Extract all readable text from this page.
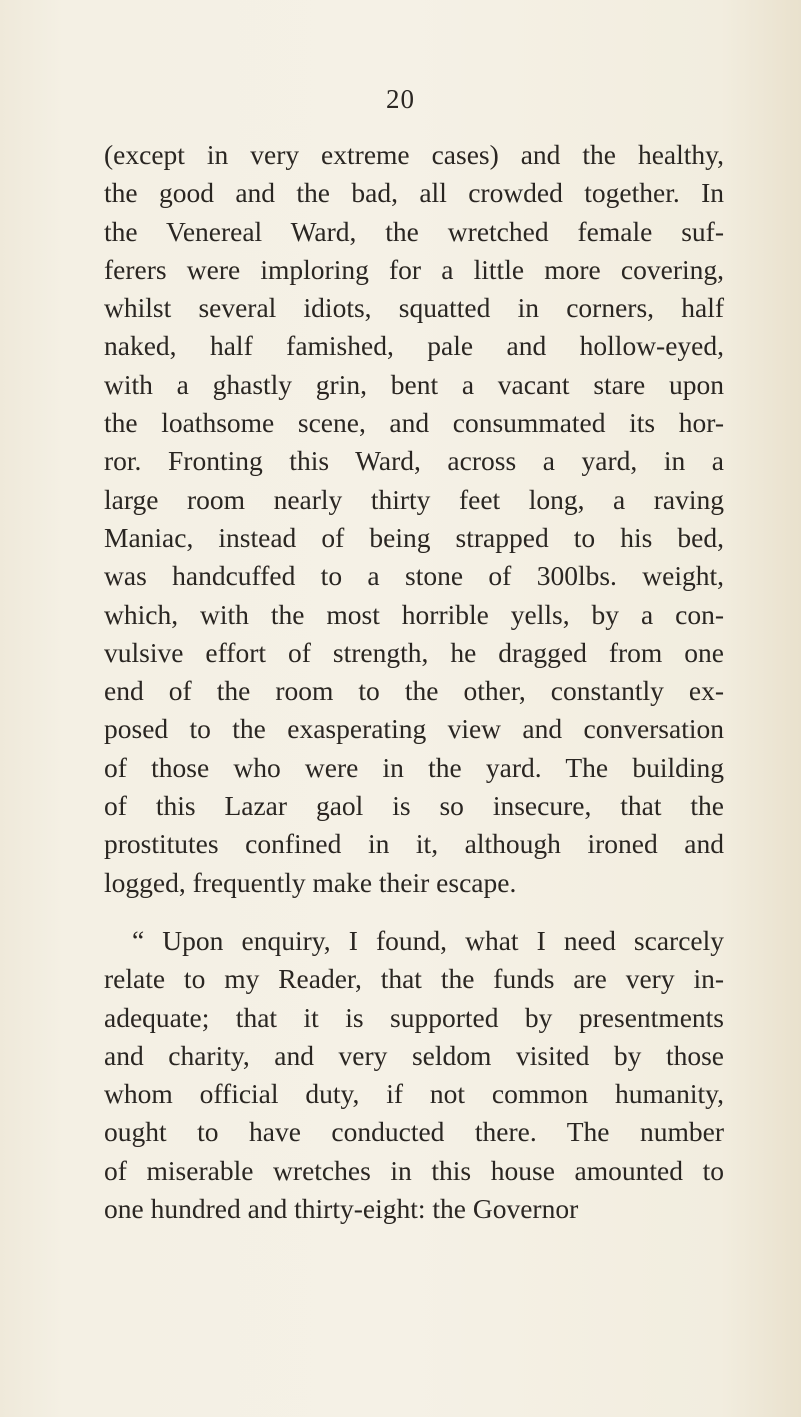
20
(except in very extreme cases) and the healthy,
the good and the bad, all crowded together. In
the Venereal Ward, the wretched female suf-
ferers were imploring for a little more covering,
whilst several idiots, squatted in corners, half
naked, half famished, pale and hollow-eyed,
with a ghastly grin, bent a vacant stare upon
the loathsome scene, and consummated its hor-
ror. Fronting this Ward, across a yard, in a
large room nearly thirty feet long, a raving
Maniac, instead of being strapped to his bed,
was handcuffed to a stone of 300lbs. weight,
which, with the most horrible yells, by a con-
vulsive effort of strength, he dragged from one
end of the room to the other, constantly ex-
posed to the exasperating view and conversation
of those who were in the yard. The building
of this Lazar gaol is so insecure, that the
prostitutes confined in it, although ironed and
logged, frequently make their escape.
“ Upon enquiry, I found, what I need scarcely
relate to my Reader, that the funds are very in-
adequate; that it is supported by presentments
and charity, and very seldom visited by those
whom official duty, if not common humanity,
ought to have conducted there. The number
of miserable wretches in this house amounted to
one hundred and thirty-eight: the Governor
